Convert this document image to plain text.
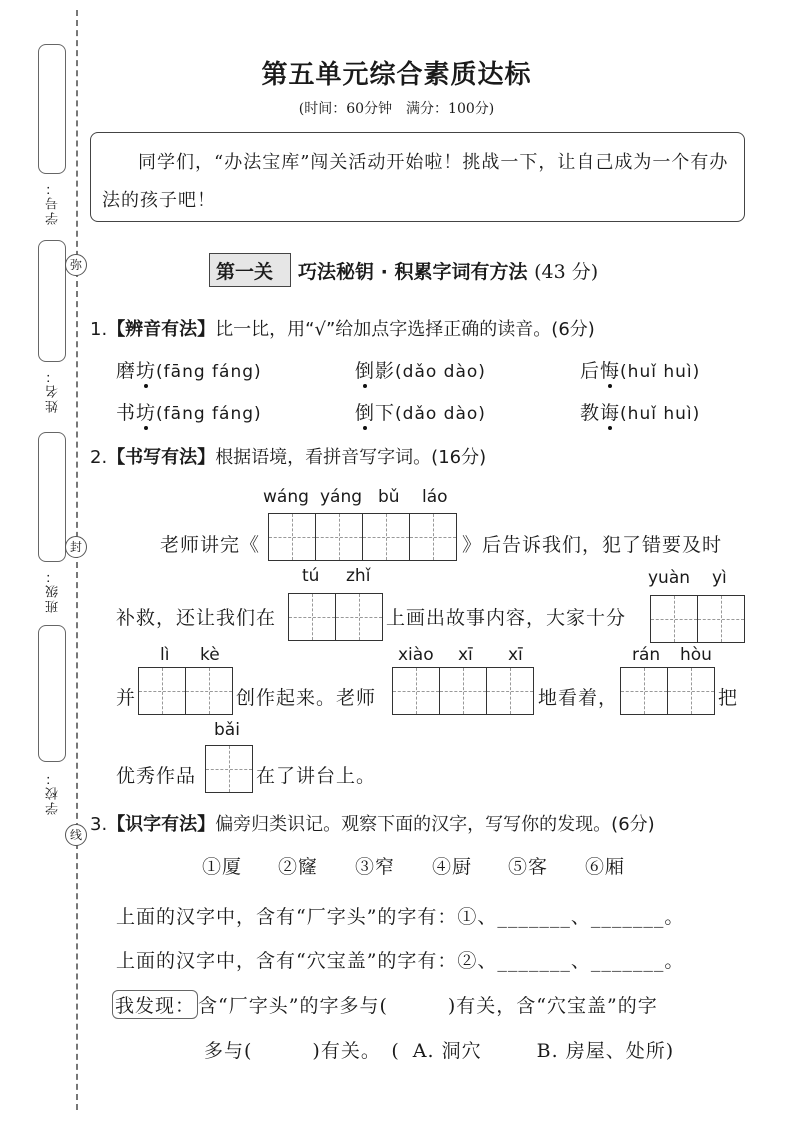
学号：
姓名：
班级：
学校：
弥
封
线
第五单元综合素质达标
(时间：60分钟　满分：100分)
同学们，“办法宝库”闯关活动开始啦！挑战一下，让自己成为一个有办法的孩子吧！
第一关 巧法秘钥 · 积累字词有方法 (43 分)
1.【辨音有法】比一比，用“√”给加点字选择正确的读音。(6分)
磨坊(fāng fáng)	倒影(dǎo dào)	后悔(huǐ huì)
书坊(fāng fáng)	倒下(dǎo dào)	教诲(huǐ huì)
2.【书写有法】根据语境，看拼音写字词。(16分)
wáng yáng bǔ láo
老师讲完《	》后告诉我们，犯了错要及时
tú zhǐ	yuàn yì
补救，还让我们在	上画出故事内容，大家十分
lì kè	xiào xī xī	rán hòu
并	创作起来。老师	地看着，	把
bǎi
优秀作品	在了讲台上。
3.【识字有法】偏旁归类识记。观察下面的汉字，写写你的发现。(6分)
①厦 ②窿 ③窄 ④厨 ⑤客 ⑥厢
上面的汉字中，含有“厂字头”的字有：①、_______、_______。
上面的汉字中，含有“穴宝盖”的字有：②、_______、_______。
我发现： 含“厂字头”的字多与(　　　)有关，含“穴宝盖”的字
多与(　　　)有关。　( A. 洞穴	B. 房屋、处所)
